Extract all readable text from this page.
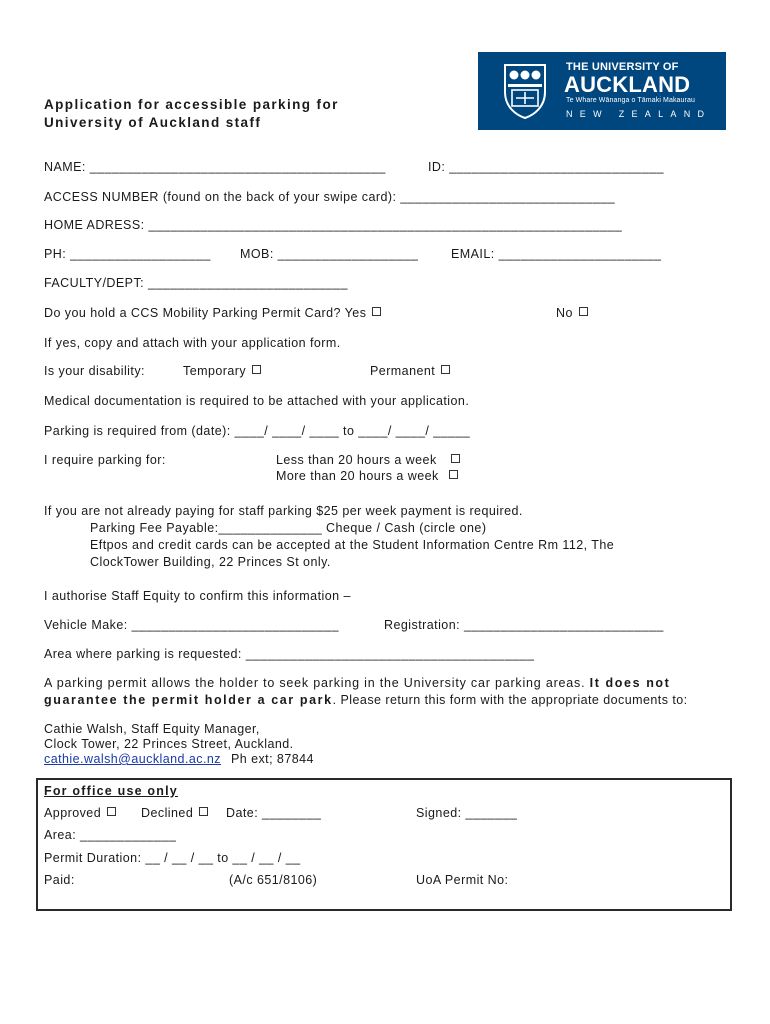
Application for accessible parking for
University of Auckland staff
THE UNIVERSITY OF
AUCKLAND
Te Whare Wānanga o Tāmaki Makaurau
NEW ZEALAND
NAME: ________________________________________	ID: _____________________________
ACCESS NUMBER (found on the back of your swipe card): _____________________________
HOME ADRESS: ________________________________________________________________
PH: ___________________ MOB: ___________________	EMAIL: ______________________
FACULTY/DEPT: ___________________________
Do you hold a CCS Mobility Parking Permit Card? Yes	No
If yes, copy and attach with your application form.
Is your disability:	Temporary	Permanent
Medical documentation is required to be attached with your application.
Parking is required from (date): ____/ ____/ ____ to ____/ ____/ _____
I require parking for:	Less than 20 hours a week
More than 20 hours a week
If you are not already paying for staff parking $25 per week payment is required.
Parking Fee Payable:______________ Cheque / Cash (circle one)
Eftpos and credit cards can be accepted at the Student Information Centre Rm 112, The
ClockTower Building, 22 Princes St only.
I authorise Staff Equity to confirm this information –
Vehicle Make: ____________________________	Registration: ___________________________
Area where parking is requested: _______________________________________
A parking permit allows the holder to seek parking in the University car parking areas. It does not
guarantee the permit holder a car park. Please return this form with the appropriate documents to:
Cathie Walsh, Staff Equity Manager,
Clock Tower, 22 Princes Street, Auckland.
cathie.walsh@auckland.ac.nz Ph ext; 87844
For office use only
Approved	Declined	Date: ________	Signed: _______
Area: _____________
Permit Duration: __ / __ / __ to __ / __ / __
Paid:	(A/c 651/8106)	UoA Permit No:
